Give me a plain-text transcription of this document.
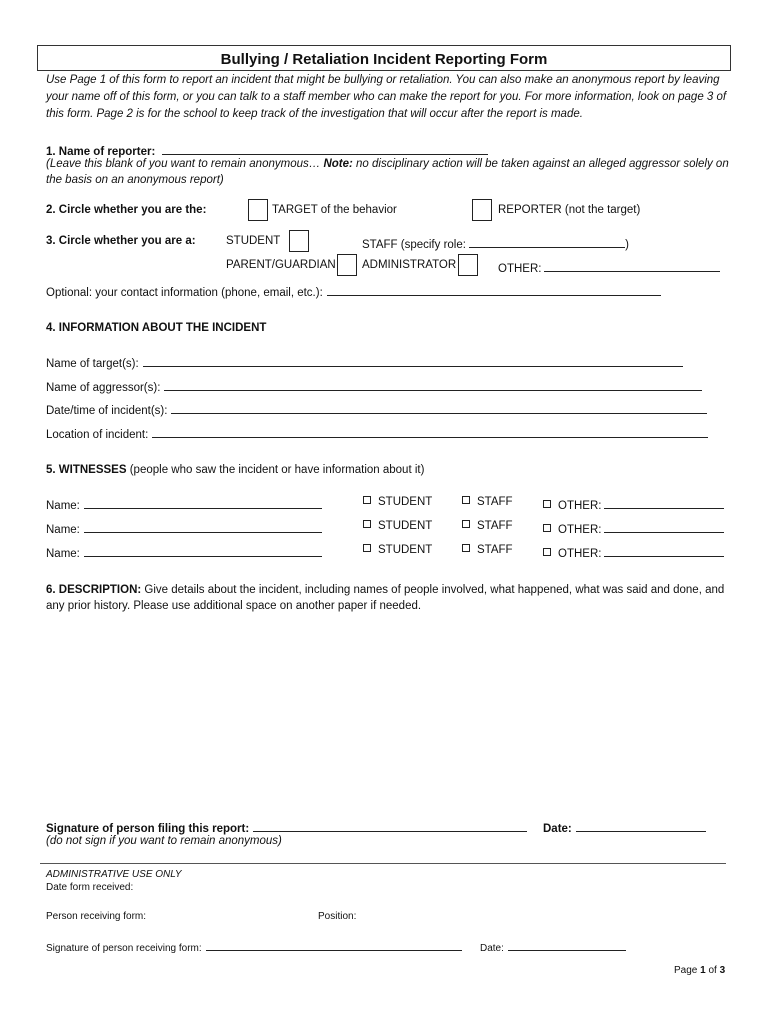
Bullying / Retaliation Incident Reporting Form
Use Page 1 of this form to report an incident that might be bullying or retaliation. You can also make an anonymous report by leaving your name off of this form, or you can talk to a staff member who can make the report for you. For more information, look on page 3 of this form. Page 2 is for the school to keep track of the investigation that will occur after the report is made.
1. Name of reporter:
(Leave this blank of you want to remain anonymous… Note: no disciplinary action will be taken against an alleged aggressor solely on the basis on an anonymous report)
2. Circle whether you are the:	TARGET of the behavior	REPORTER (not the target)
3. Circle whether you are a:	STUDENT	STAFF (specify role:	)
PARENT/GUARDIAN ADMINISTRATOR	OTHER:
Optional: your contact information (phone, email, etc.):
4. INFORMATION ABOUT THE INCIDENT
Name of target(s):
Name of aggressor(s):
Date/time of incident(s):
Location of incident:
5. WITNESSES (people who saw the incident or have information about it)
Name:	STUDENT	STAFF	OTHER:
Name:	STUDENT	STAFF	OTHER:
Name:	STUDENT	STAFF	OTHER:
6. DESCRIPTION: Give details about the incident, including names of people involved, what happened, what was said and done, and any prior history. Please use additional space on another paper if needed.
Signature of person filing this report:	Date:
(do not sign if you want to remain anonymous)
ADMINISTRATIVE USE ONLY
Date form received:
Person receiving form:	Position:
Signature of person receiving form:	Date:
Page 1 of 3
